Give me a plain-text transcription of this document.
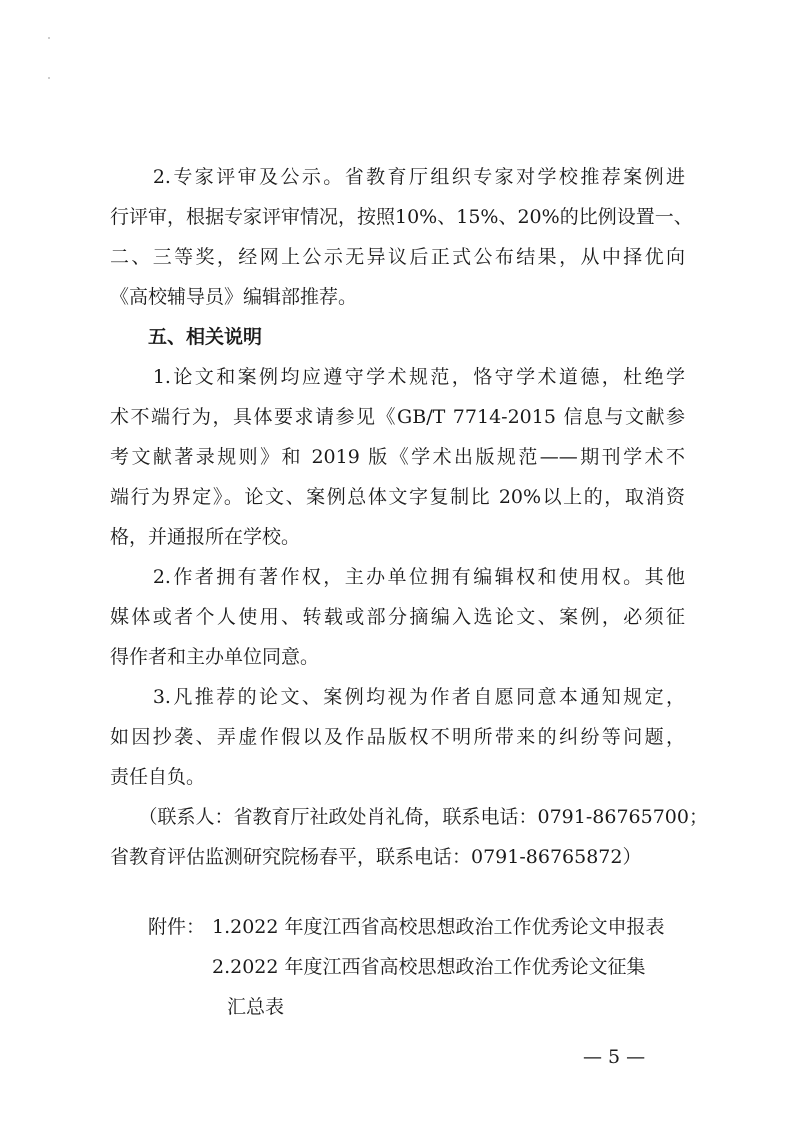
　　2.专家评审及公示。省教育厅组织专家对学校推荐案例进
行评审，根据专家评审情况，按照10%、15%、20%的比例设置一、
二、三等奖，经网上公示无异议后正式公布结果，从中择优向
《高校辅导员》编辑部推荐。
　　五、相关说明
　　1.论文和案例均应遵守学术规范，恪守学术道德，杜绝学
术不端行为，具体要求请参见《GB/T 7714-2015 信息与文献参
考文献著录规则》和 2019 版《学术出版规范——期刊学术不
端行为界定》。论文、案例总体文字复制比 20%以上的，取消资
格，并通报所在学校。
　　2.作者拥有著作权，主办单位拥有编辑权和使用权。其他
媒体或者个人使用、转载或部分摘编入选论文、案例，必须征
得作者和主办单位同意。
　　3.凡推荐的论文、案例均视为作者自愿同意本通知规定，
如因抄袭、弄虚作假以及作品版权不明所带来的纠纷等问题，
责任自负。
　　（联系人：省教育厅社政处肖礼倚，联系电话：0791-86765700；
省教育评估监测研究院杨春平，联系电话：0791-86765872）
附件： 1.2022 年度江西省高校思想政治工作优秀论文申报表
2.2022 年度江西省高校思想政治工作优秀论文征集
汇总表
— 5 —
